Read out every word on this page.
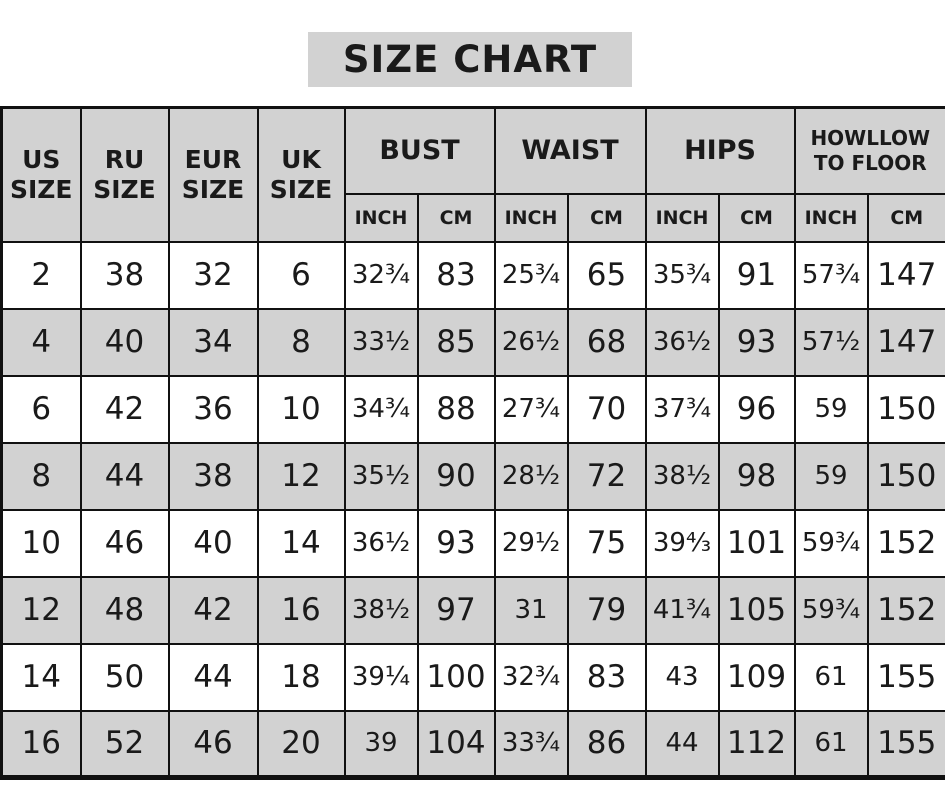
SIZE CHART
US SIZE	RU SIZE	EUR SIZE	UK SIZE	BUST		WAIST		HIPS		HOWLLOW TO FLOOR	
				INCH	CM	INCH	CM	INCH	CM	INCH	CM
2	38	32	6	32¾	83	25¾	65	35¾	91	57¾	147
4	40	34	8	33½	85	26½	68	36½	93	57½	147
6	42	36	10	34¾	88	27¾	70	37¾	96	59	150
8	44	38	12	35½	90	28½	72	38½	98	59	150
10	46	40	14	36½	93	29½	75	39⁴⁄₃	101	59¾	152
12	48	42	16	38½	97	31	79	41¾	105	59¾	152
14	50	44	18	39¼	100	32¾	83	43	109	61	155
16	52	46	20	39	104	33¾	86	44	112	61	155
